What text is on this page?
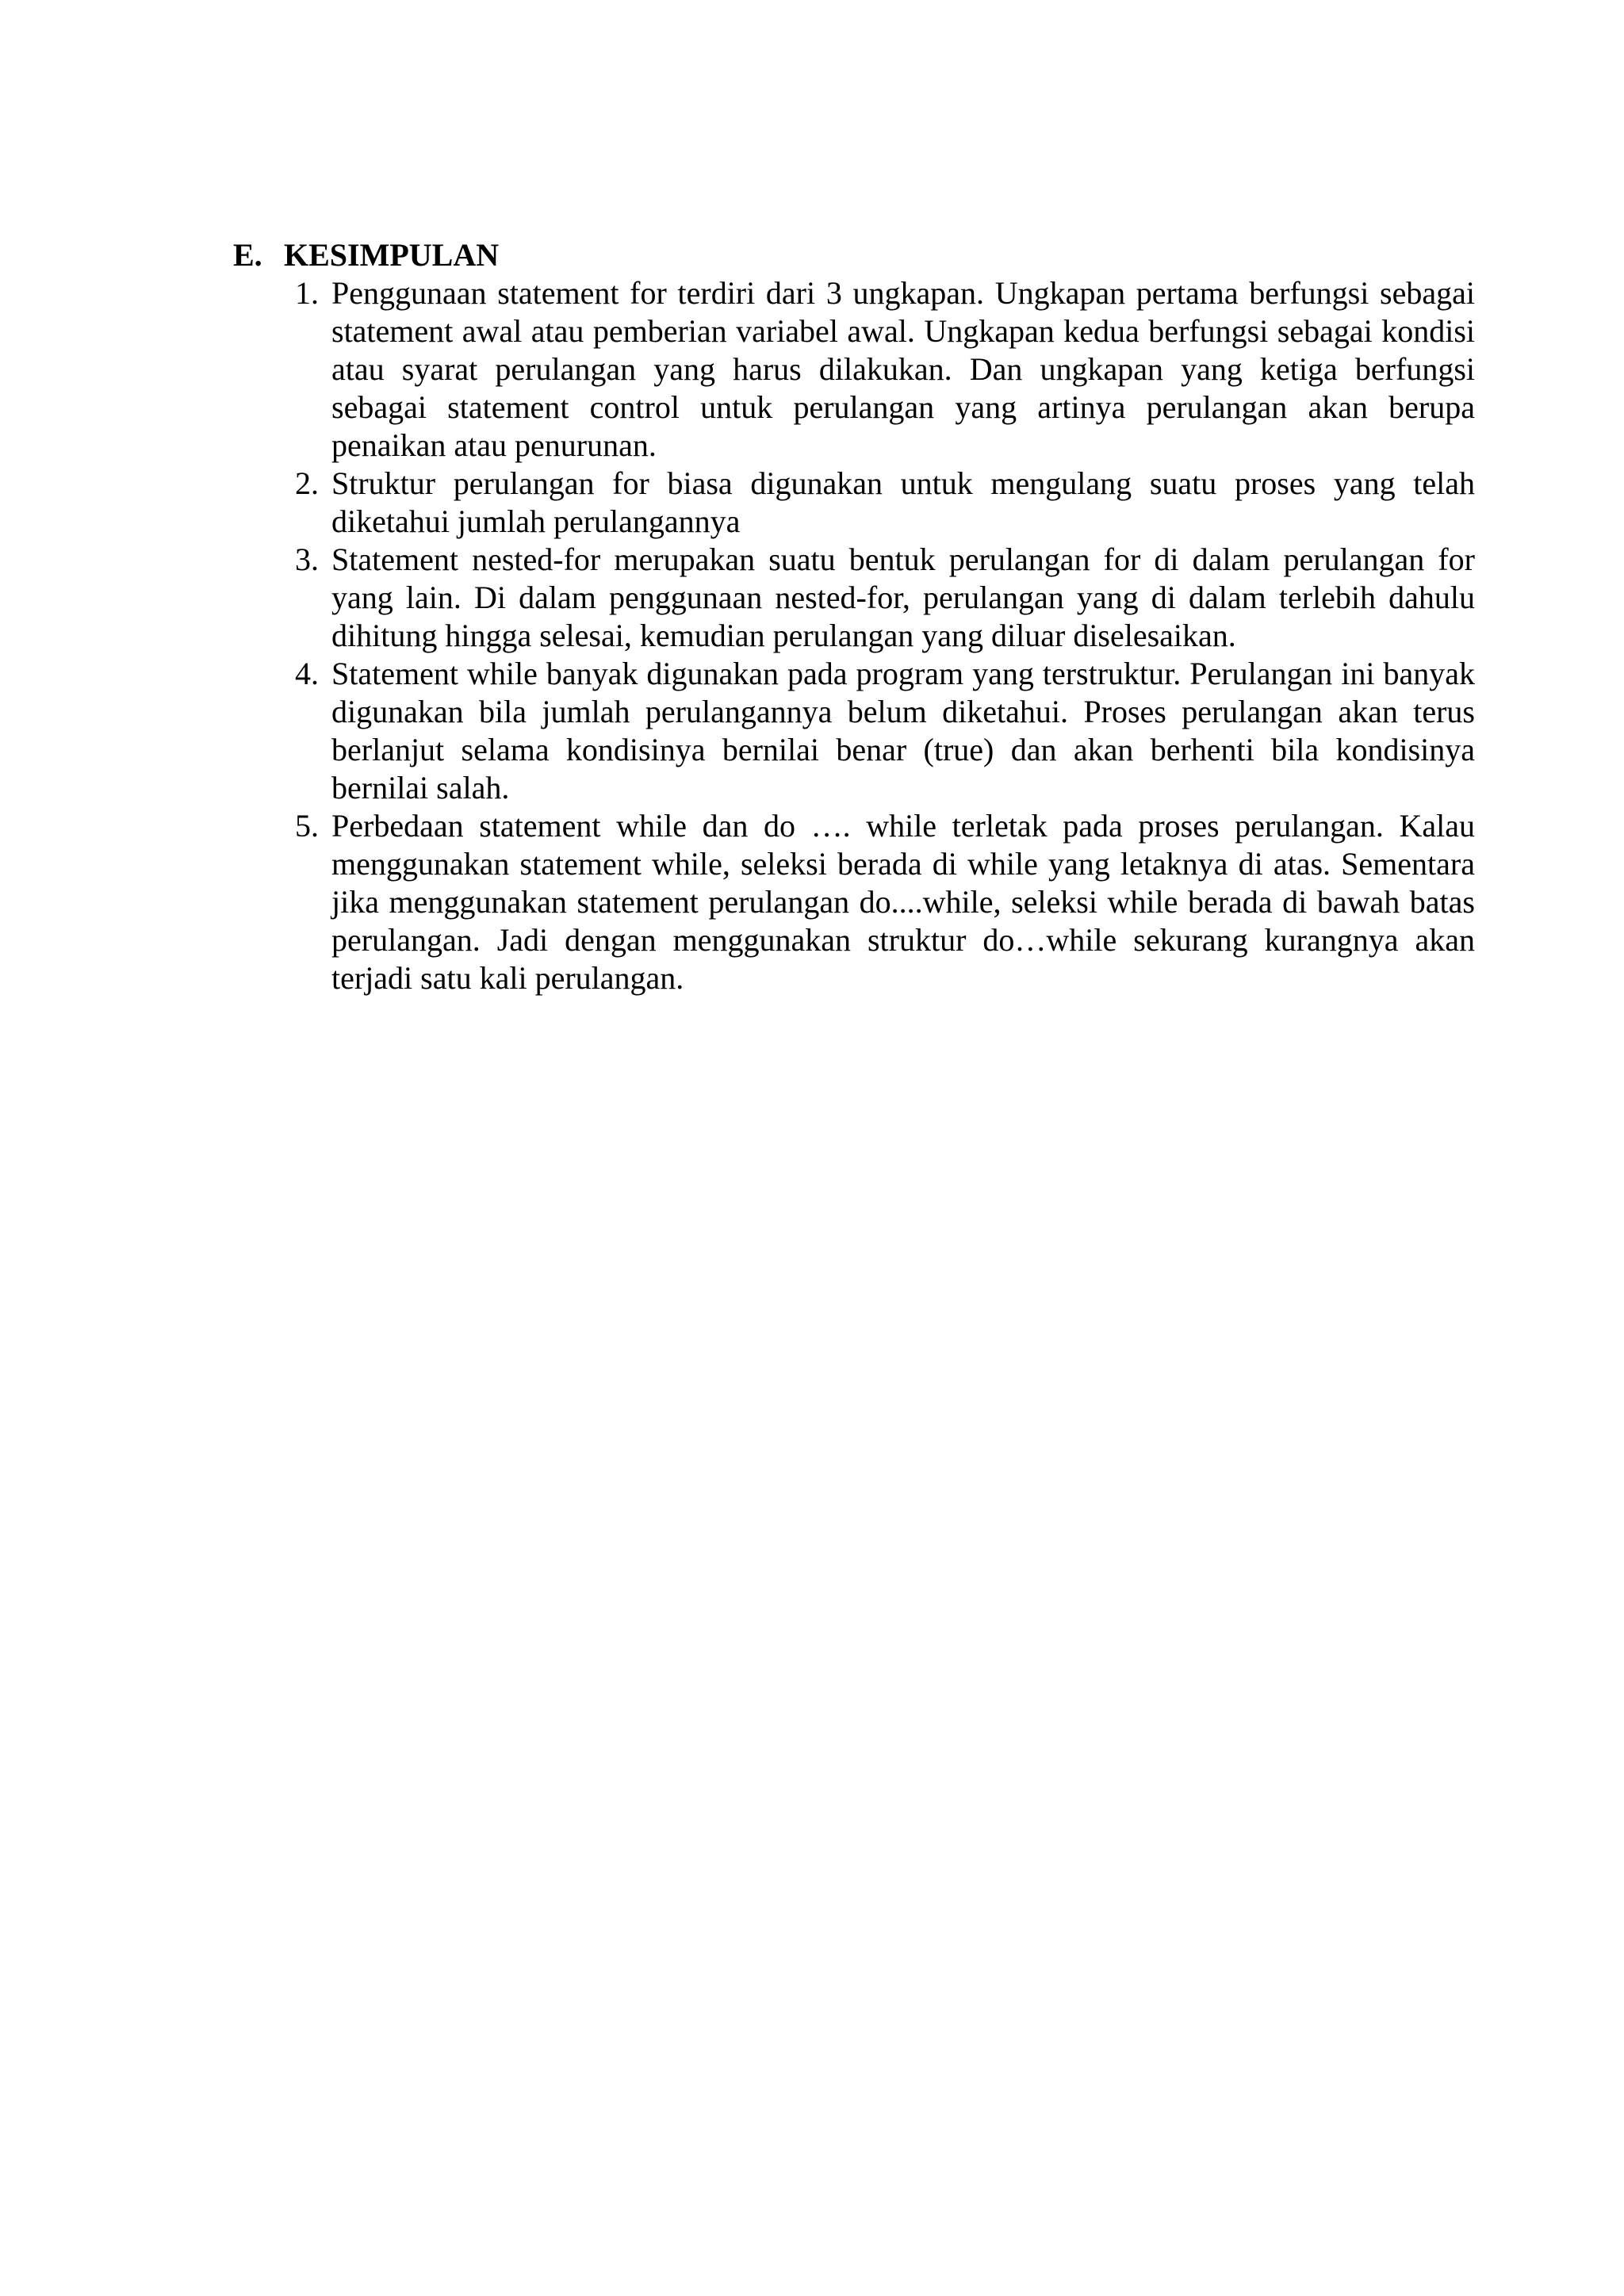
E. KESIMPULAN
1. Penggunaan statement for terdiri dari 3 ungkapan. Ungkapan pertama berfungsi sebagai statement awal atau pemberian variabel awal. Ungkapan kedua berfungsi sebagai kondisi atau syarat perulangan yang harus dilakukan. Dan ungkapan yang ketiga berfungsi sebagai statement control untuk perulangan yang artinya perulangan akan berupa penaikan atau penurunan.
2. Struktur perulangan for biasa digunakan untuk mengulang suatu proses yang telah diketahui jumlah perulangannya
3. Statement nested-for merupakan suatu bentuk perulangan for di dalam perulangan for yang lain. Di dalam penggunaan nested-for, perulangan yang di dalam terlebih dahulu dihitung hingga selesai, kemudian perulangan yang diluar diselesaikan.
4. Statement while banyak digunakan pada program yang terstruktur. Perulangan ini banyak digunakan bila jumlah perulangannya belum diketahui. Proses perulangan akan terus berlanjut selama kondisinya bernilai benar (true) dan akan berhenti bila kondisinya bernilai salah.
5. Perbedaan statement while dan do …. while terletak pada proses perulangan. Kalau menggunakan statement while, seleksi berada di while yang letaknya di atas. Sementara jika menggunakan statement perulangan do....while, seleksi while berada di bawah batas perulangan. Jadi dengan menggunakan struktur do…while sekurang kurangnya akan terjadi satu kali perulangan.
